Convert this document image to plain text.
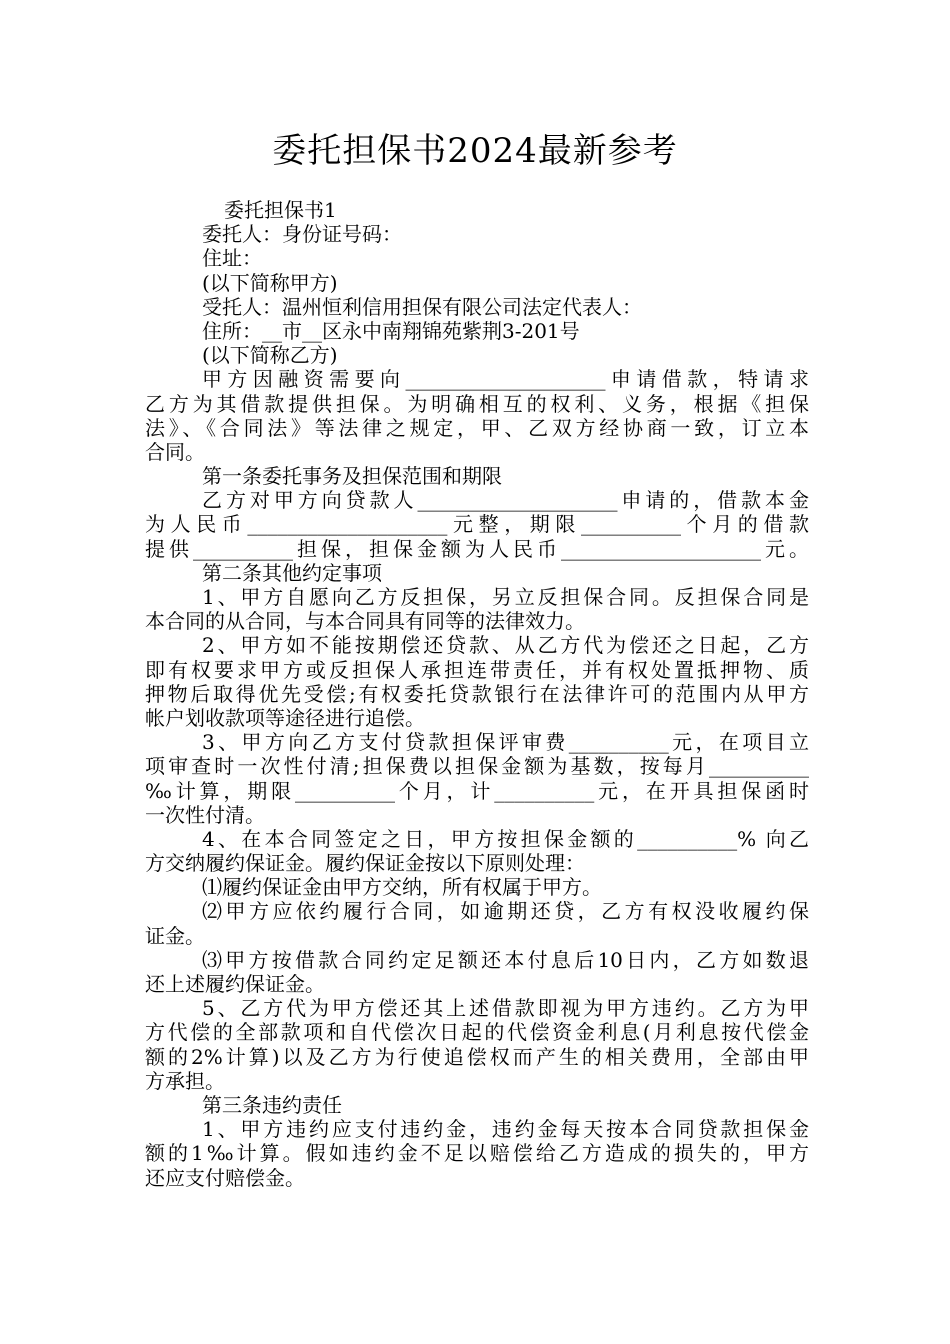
委托担保书2024最新参考
委托担保书1
委托人：身份证号码：
住址：
(以下简称甲方)
受托人：温州恒利信用担保有限公司法定代表人：
住所：__市__区永中南翔锦苑紫荆3-201号
(以下简称乙方)
甲方因融资需要向____________________申请借款，特请求
乙方为其借款提供担保。为明确相互的权利、义务，根据《担保
法》、《合同法》等法律之规定，甲、乙双方经协商一致，订立本
合同。
第一条委托事务及担保范围和期限
乙方对甲方向贷款人____________________申请的，借款本金
为人民币____________________元整，期限__________个月的借款
提供__________担保，担保金额为人民币____________________元。
第二条其他约定事项
1、甲方自愿向乙方反担保，另立反担保合同。反担保合同是
本合同的从合同，与本合同具有同等的法律效力。
2、甲方如不能按期偿还贷款、从乙方代为偿还之日起，乙方
即有权要求甲方或反担保人承担连带责任，并有权处置抵押物、质
押物后取得优先受偿;有权委托贷款银行在法律许可的范围内从甲方
帐户划收款项等途径进行追偿。
3、甲方向乙方支付贷款担保评审费__________元，在项目立
项审查时一次性付清;担保费以担保金额为基数，按每月__________
‰计算，期限__________个月，计__________元，在开具担保函时
一次性付清。
4、在本合同签定之日，甲方按担保金额的__________% 向乙
方交纳履约保证金。履约保证金按以下原则处理：
⑴履约保证金由甲方交纳，所有权属于甲方。
⑵甲方应依约履行合同，如逾期还贷，乙方有权没收履约保
证金。
⑶甲方按借款合同约定足额还本付息后10日内，乙方如数退
还上述履约保证金。
5、乙方代为甲方偿还其上述借款即视为甲方违约。乙方为甲
方代偿的全部款项和自代偿次日起的代偿资金利息(月利息按代偿金
额的2%计算)以及乙方为行使追偿权而产生的相关费用，全部由甲
方承担。
第三条违约责任
1、甲方违约应支付违约金，违约金每天按本合同贷款担保金
额的1‰计算。假如违约金不足以赔偿给乙方造成的损失的，甲方
还应支付赔偿金。
